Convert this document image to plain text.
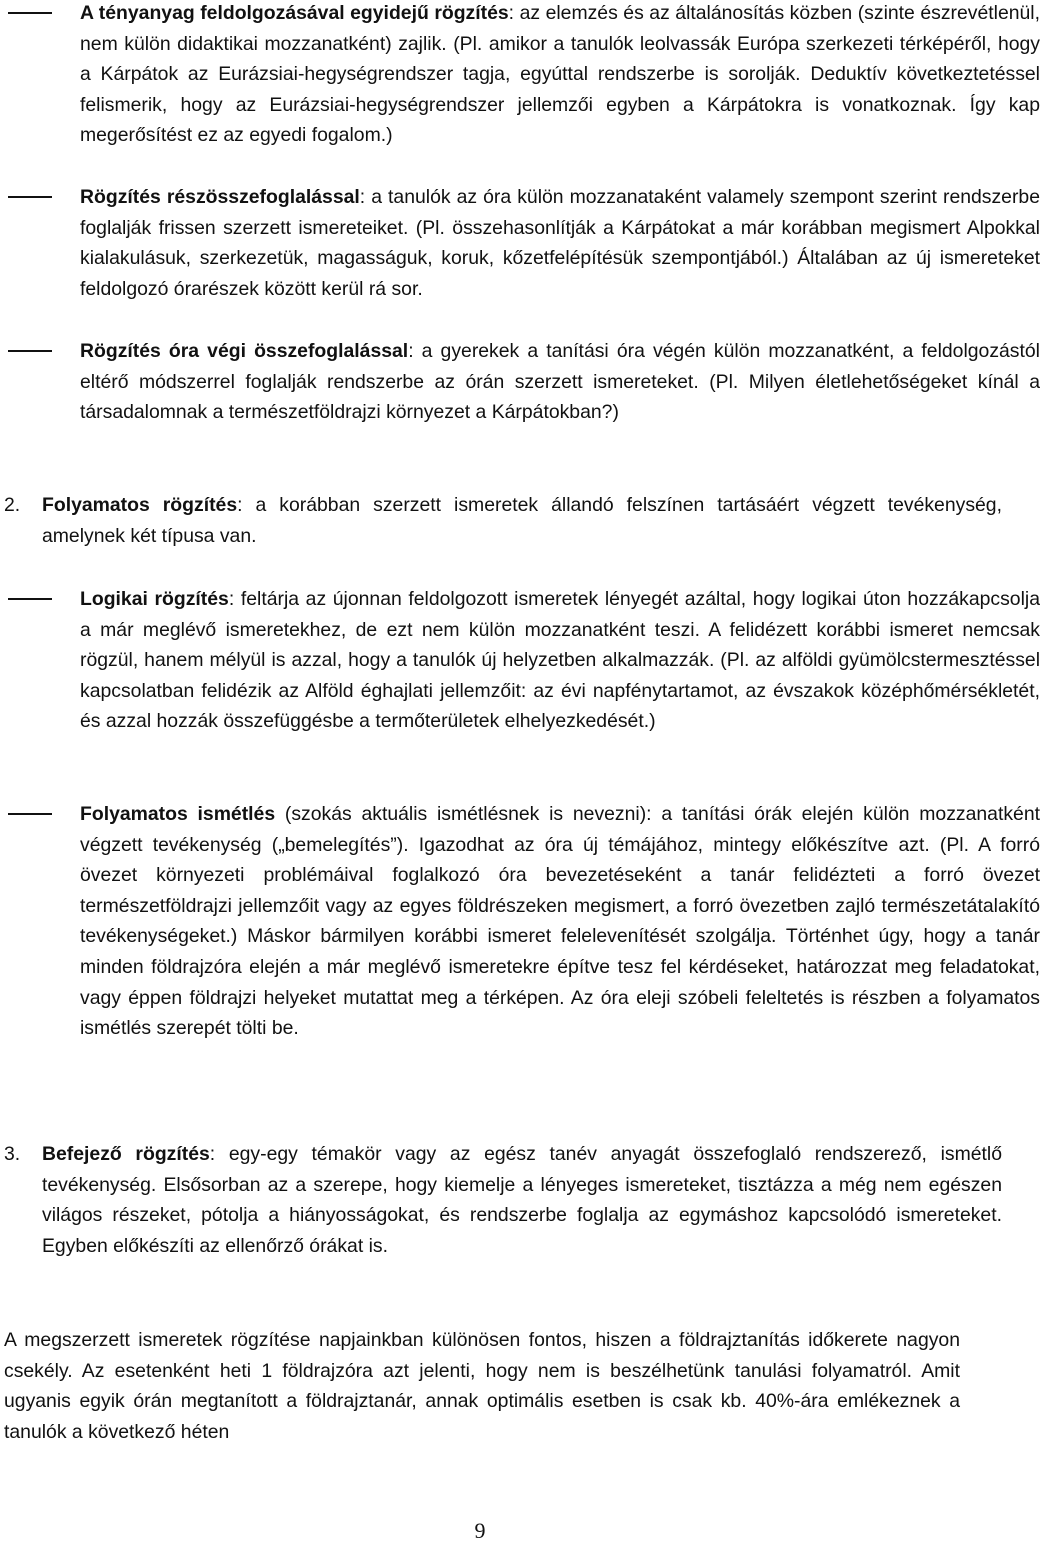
A tényanyag feldolgozásával egyidejű rögzítés: az elemzés és az általánosítás közben (szinte észrevétlenül, nem külön didaktikai mozzanatként) zajlik. (Pl. amikor a tanulók leolvassák Európa szerkezeti térképéről, hogy a Kárpátok az Eurázsiai-hegységrendszer tagja, egyúttal rendszerbe is sorolják. Deduktív következtetéssel felismerik, hogy az Eurázsiai-hegységrendszer jellemzői egyben a Kárpátokra is vonatkoznak. Így kap megerősítést ez az egyedi fogalom.)
Rögzítés részösszefoglalással: a tanulók az óra külön mozzanataként valamely szempont szerint rendszerbe foglalják frissen szerzett ismereteiket. (Pl. összehasonlítják a Kárpátokat a már korábban megismert Alpokkal kialakulásuk, szerkezetük, magasságuk, koruk, kőzetfelépítésük szempontjából.) Általában az új ismereteket feldolgozó órarészek között kerül rá sor.
Rögzítés óra végi összefoglalással: a gyerekek a tanítási óra végén külön mozzanatként, a feldolgozástól eltérő módszerrel foglalják rendszerbe az órán szerzett ismereteket. (Pl. Milyen életlehetőségeket kínál a társadalomnak a természetföldrajzi környezet a Kárpátokban?)
2. Folyamatos rögzítés: a korábban szerzett ismeretek állandó felszínen tartásáért végzett tevékenység, amelynek két típusa van.
Logikai rögzítés: feltárja az újonnan feldolgozott ismeretek lényegét azáltal, hogy logikai úton hozzákapcsolja a már meglévő ismeretekhez, de ezt nem külön mozzanatként teszi. A felidézett korábbi ismeret nemcsak rögzül, hanem mélyül is azzal, hogy a tanulók új helyzetben alkalmazzák. (Pl. az alföldi gyümölcstermesztéssel kapcsolatban felidézik az Alföld éghajlati jellemzőit: az évi napfénytartamot, az évszakok középhőmérsékletét, és azzal hozzák összefüggésbe a termőterületek elhelyezkedését.)
Folyamatos ismétlés (szokás aktuális ismétlésnek is nevezni): a tanítási órák elején külön mozzanatként végzett tevékenység („bemelegítés”). Igazodhat az óra új témájához, mintegy előkészítve azt. (Pl. A forró övezet környezeti problémáival foglalkozó óra bevezetéseként a tanár felidézteti a forró övezet természetföldrajzi jellemzőit vagy az egyes földrészeken megismert, a forró övezetben zajló természetátalakító tevékenységeket.) Máskor bármilyen korábbi ismeret felelevenítését szolgálja. Történhet úgy, hogy a tanár minden földrajzóra elején a már meglévő ismeretekre építve tesz fel kérdéseket, határozzat meg feladatokat, vagy éppen földrajzi helyeket mutattat meg a térképen. Az óra eleji szóbeli feleltetés is részben a folyamatos ismétlés szerepét tölti be.
3. Befejező rögzítés: egy-egy témakör vagy az egész tanév anyagát összefoglaló rendszerező, ismétlő tevékenység. Elsősorban az a szerepe, hogy kiemelje a lényeges ismereteket, tisztázza a még nem egészen világos részeket, pótolja a hiányosságokat, és rendszerbe foglalja az egymáshoz kapcsolódó ismereteket. Egyben előkészíti az ellenőrző órákat is.
A megszerzett ismeretek rögzítése napjainkban különösen fontos, hiszen a földrajztanítás időkerete nagyon csekély. Az esetenként heti 1 földrajzóra azt jelenti, hogy nem is beszélhetünk tanulási folyamatról. Amit ugyanis egyik órán megtanított a földrajztanár, annak optimális esetben is csak kb. 40%-ára emlékeznek a tanulók a következő héten
9
